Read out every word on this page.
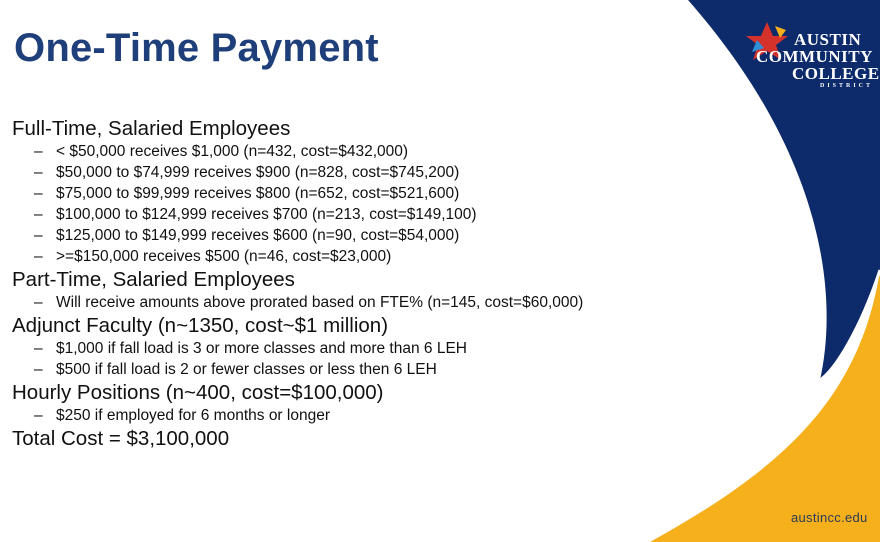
One-Time Payment	AUSTIN
COMMUNITY
COLLEGE
DISTRICT
Full-Time, Salaried Employees
– < $50,000 receives $1,000 (n=432, cost=$432,000)
– $50,000 to $74,999 receives $900 (n=828, cost=$745,200)
– $75,000 to $99,999 receives $800 (n=652, cost=$521,600)
– $100,000 to $124,999 receives $700 (n=213, cost=$149,100)
– $125,000 to $149,999 receives $600 (n=90, cost=$54,000)
– >=$150,000 receives $500 (n=46, cost=$23,000)
Part-Time, Salaried Employees
– Will receive amounts above prorated based on FTE% (n=145, cost=$60,000)
Adjunct Faculty (n~1350, cost~$1 million)
– $1,000 if fall load is 3 or more classes and more than 6 LEH
– $500 if fall load is 2 or fewer classes or less then 6 LEH
Hourly Positions (n~400, cost=$100,000)
– $250 if employed for 6 months or longer
Total Cost = $3,100,000
austincc.edu
